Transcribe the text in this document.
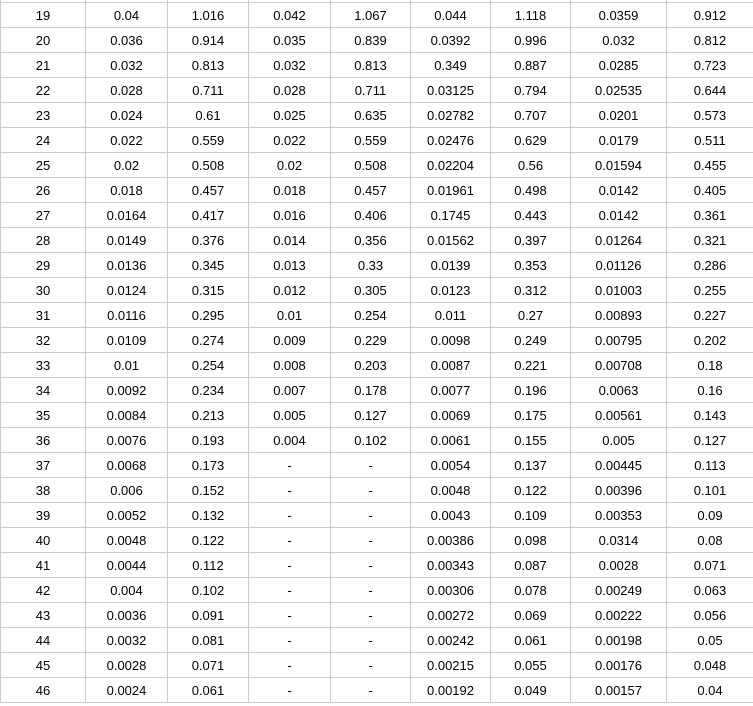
19	0.04	1.016	0.042	1.067	0.044	1.118	0.0359	0.912
20	0.036	0.914	0.035	0.839	0.0392	0.996	0.032	0.812
21	0.032	0.813	0.032	0.813	0.349	0.887	0.0285	0.723
22	0.028	0.711	0.028	0.711	0.03125	0.794	0.02535	0.644
23	0.024	0.61	0.025	0.635	0.02782	0.707	0.0201	0.573
24	0.022	0.559	0.022	0.559	0.02476	0.629	0.0179	0.511
25	0.02	0.508	0.02	0.508	0.02204	0.56	0.01594	0.455
26	0.018	0.457	0.018	0.457	0.01961	0.498	0.0142	0.405
27	0.0164	0.417	0.016	0.406	0.1745	0.443	0.0142	0.361
28	0.0149	0.376	0.014	0.356	0.01562	0.397	0.01264	0.321
29	0.0136	0.345	0.013	0.33	0.0139	0.353	0.01126	0.286
30	0.0124	0.315	0.012	0.305	0.0123	0.312	0.01003	0.255
31	0.0116	0.295	0.01	0.254	0.011	0.27	0.00893	0.227
32	0.0109	0.274	0.009	0.229	0.0098	0.249	0.00795	0.202
33	0.01	0.254	0.008	0.203	0.0087	0.221	0.00708	0.18
34	0.0092	0.234	0.007	0.178	0.0077	0.196	0.0063	0.16
35	0.0084	0.213	0.005	0.127	0.0069	0.175	0.00561	0.143
36	0.0076	0.193	0.004	0.102	0.0061	0.155	0.005	0.127
37	0.0068	0.173	-	-	0.0054	0.137	0.00445	0.113
38	0.006	0.152	-	-	0.0048	0.122	0.00396	0.101
39	0.0052	0.132	-	-	0.0043	0.109	0.00353	0.09
40	0.0048	0.122	-	-	0.00386	0.098	0.0314	0.08
41	0.0044	0.112	-	-	0.00343	0.087	0.0028	0.071
42	0.004	0.102	-	-	0.00306	0.078	0.00249	0.063
43	0.0036	0.091	-	-	0.00272	0.069	0.00222	0.056
44	0.0032	0.081	-	-	0.00242	0.061	0.00198	0.05
45	0.0028	0.071	-	-	0.00215	0.055	0.00176	0.048
46	0.0024	0.061	-	-	0.00192	0.049	0.00157	0.04
